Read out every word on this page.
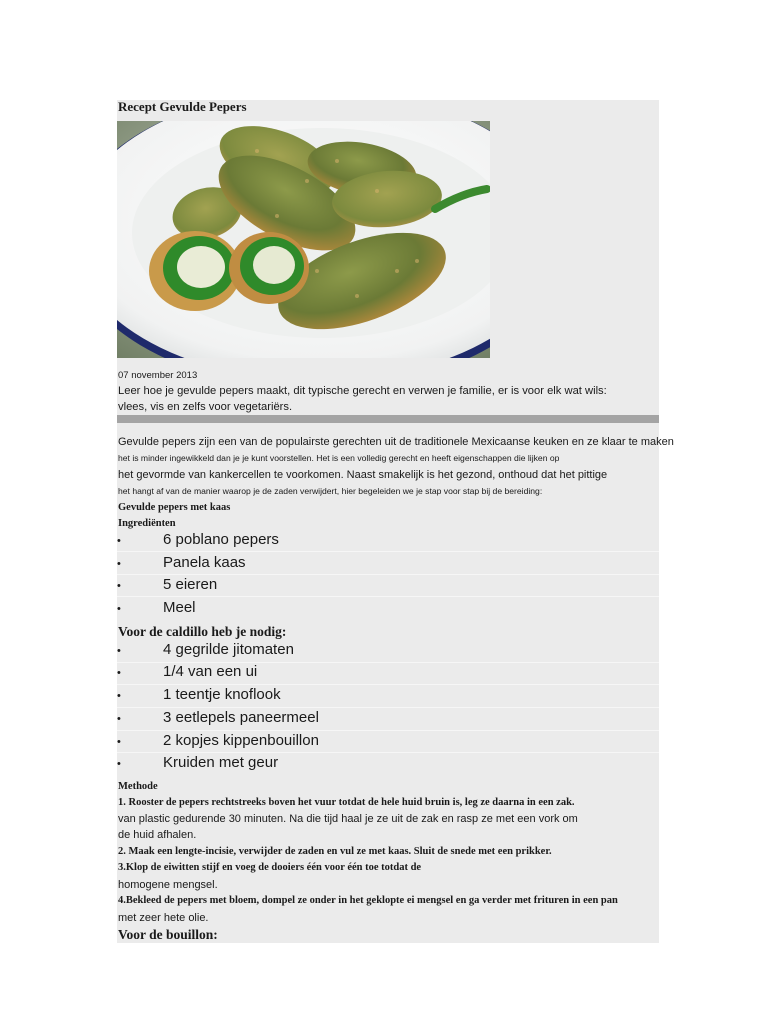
Recept Gevulde Pepers
07 november 2013
Leer hoe je gevulde pepers maakt, dit typische gerecht en verwen je familie, er is voor elk wat wils:
vlees, vis en zelfs voor vegetariërs.
Gevulde pepers zijn een van de populairste gerechten uit de traditionele Mexicaanse keuken en ze klaar te maken
het is minder ingewikkeld dan je je kunt voorstellen. Het is een volledig gerecht en heeft eigenschappen die lijken op
het gevormde van kankercellen te voorkomen. Naast smakelijk is het gezond, onthoud dat het pittige
het hangt af van de manier waarop je de zaden verwijdert, hier begeleiden we je stap voor stap bij de bereiding:
Gevulde pepers met kaas
Ingrediënten
•	6 poblano pepers
•	Panela kaas
•	5 eieren
•	Meel
Voor de caldillo heb je nodig:
•	4 gegrilde jitomaten
•	1/4 van een ui
•	1 teentje knoflook
•	3 eetlepels paneermeel
•	2 kopjes kippenbouillon
•	Kruiden met geur
Methode
1. Rooster de pepers rechtstreeks boven het vuur totdat de hele huid bruin is, leg ze daarna in een zak.
van plastic gedurende 30 minuten. Na die tijd haal je ze uit de zak en rasp ze met een vork om
de huid afhalen.
2. Maak een lengte-incisie, verwijder de zaden en vul ze met kaas. Sluit de snede met een prikker.
3.Klop de eiwitten stijf en voeg de dooiers één voor één toe totdat de
homogene mengsel.
4.Bekleed de pepers met bloem, dompel ze onder in het geklopte ei mengsel en ga verder met frituren in een pan
met zeer hete olie.
Voor de bouillon:
